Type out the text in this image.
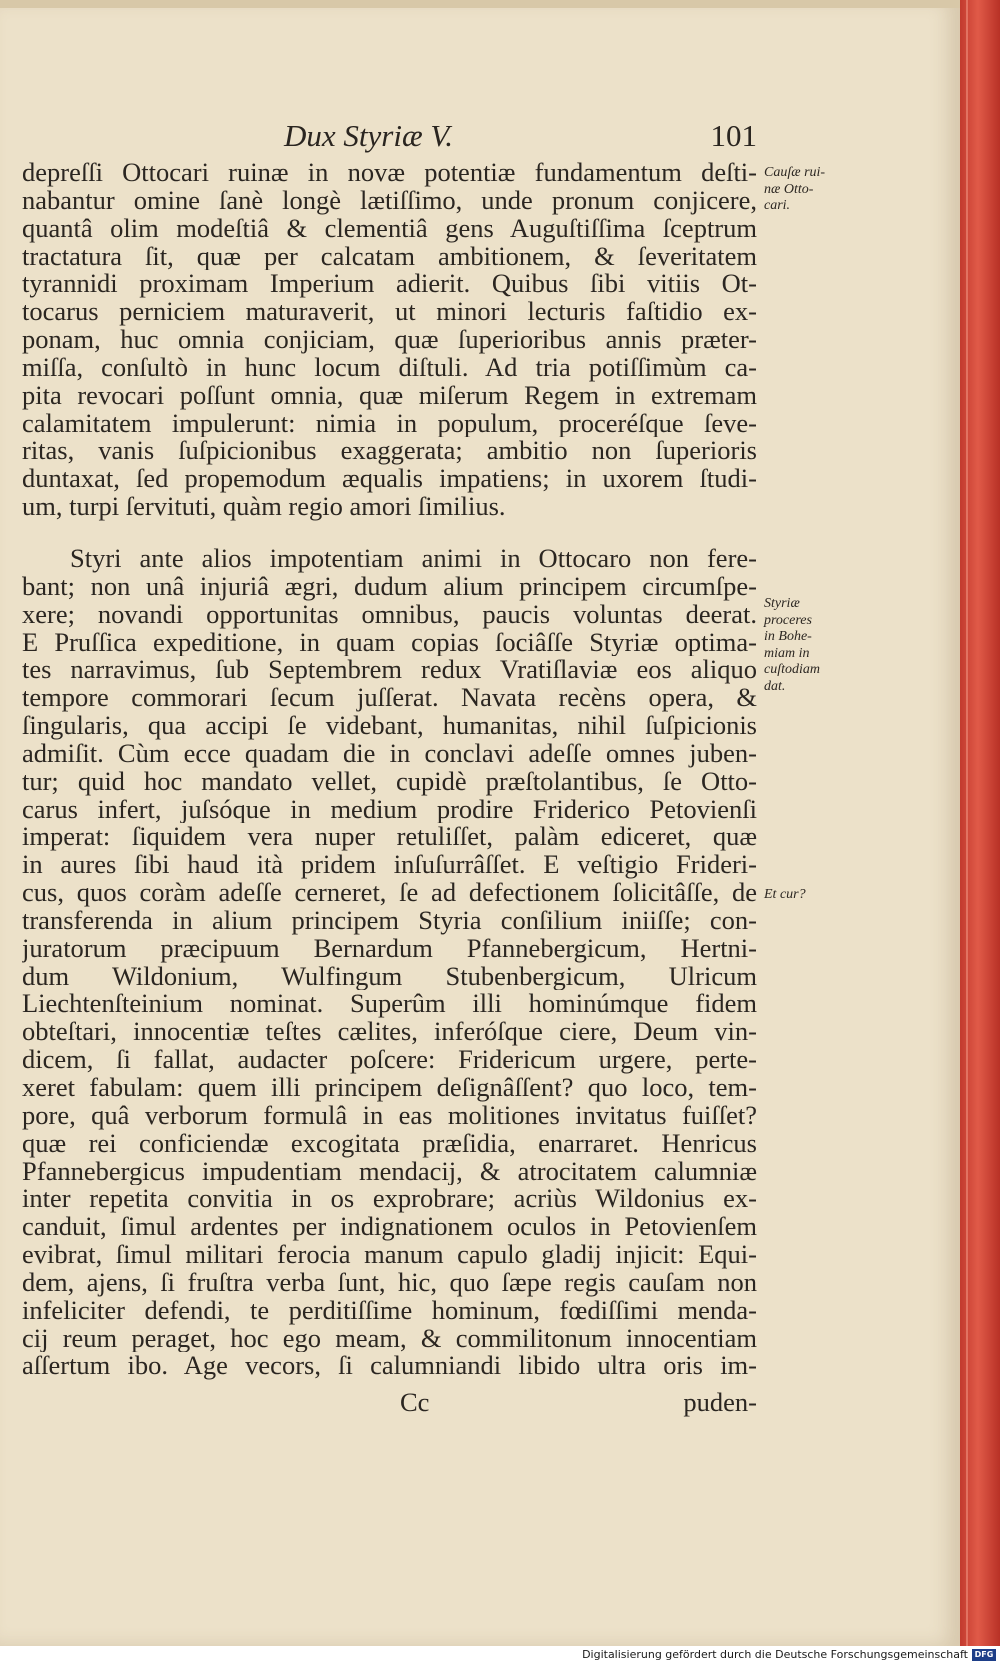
Dux Styriæ V.	101
depreſſi Ottocari ruinæ in novæ potentiæ fundamentum deſti-
nabantur omine ſanè longè lætiſſimo, unde pronum conjicere,
quantâ olim modeſtiâ & clementiâ gens Auguſtiſſima ſceptrum
tractatura ſit, quæ per calcatam ambitionem, & ſeveritatem
tyrannidi proximam Imperium adierit. Quibus ſibi vitiis Ot-
tocarus perniciem maturaverit, ut minori lecturis faſtidio ex-
ponam, huc omnia conjiciam, quæ ſuperioribus annis præter-
miſſa, conſultò in hunc locum diſtuli. Ad tria potiſſimùm ca-
pita revocari poſſunt omnia, quæ miſerum Regem in extremam
calamitatem impulerunt: nimia in populum, proceréſque ſeve-
ritas, vanis ſuſpicionibus exaggerata; ambitio non ſuperioris
duntaxat, ſed propemodum æqualis impatiens; in uxorem ſtudi-
um, turpi ſervituti, quàm regio amori ſimilius.
Styri ante alios impotentiam animi in Ottocaro non fere-
bant; non unâ injuriâ ægri, dudum alium principem circumſpe-
xere; novandi opportunitas omnibus, paucis voluntas deerat.
E Pruſſica expeditione, in quam copias ſociâſſe Styriæ optima-
tes narravimus, ſub Septembrem redux Vratiſlaviæ eos aliquo
tempore commorari ſecum juſſerat. Navata recèns opera, &
ſingularis, qua accipi ſe videbant, humanitas, nihil ſuſpicionis
admiſit. Cùm ecce quadam die in conclavi adeſſe omnes juben-
tur; quid hoc mandato vellet, cupidè præſtolantibus, ſe Otto-
carus infert, juſsóque in medium prodire Friderico Petovienſi
imperat: ſiquidem vera nuper retuliſſet, palàm ediceret, quæ
in aures ſibi haud ità pridem inſuſurrâſſet. E veſtigio Frideri-
cus, quos coràm adeſſe cerneret, ſe ad defectionem ſolicitâſſe, de
transferenda in alium principem Styria conſilium iniiſſe; con-
juratorum præcipuum Bernardum Pfannebergicum, Hertni-
dum Wildonium, Wulfingum Stubenbergicum, Ulricum
Liechtenſteinium nominat. Superûm illi hominúmque fidem
obteſtari, innocentiæ teſtes cælites, inferóſque ciere, Deum vin-
dicem, ſi fallat, audacter poſcere: Fridericum urgere, perte-
xeret fabulam: quem illi principem deſignâſſent? quo loco, tem-
pore, quâ verborum formulâ in eas molitiones invitatus fuiſſet?
quæ rei conficiendæ excogitata præſidia, enarraret. Henricus
Pfannebergicus impudentiam mendacij, & atrocitatem calumniæ
inter repetita convitia in os exprobrare; acriùs Wildonius ex-
canduit, ſimul ardentes per indignationem oculos in Petovienſem
evibrat, ſimul militari ferocia manum capulo gladij injicit: Equi-
dem, ajens, ſi fruſtra verba ſunt, hic, quo ſæpe regis cauſam non
infeliciter defendi, te perditiſſime hominum, fœdiſſimi menda-
cij reum peraget, hoc ego meam, & commilitonum innocentiam
aſſertum ibo. Age vecors, ſi calumniandi libido ultra oris im-
Cauſæ rui-
næ Otto-
cari.
Styriæ
proceres
in Bohe-
miam in
cuſtodiam
dat.
Et cur?
Cc	puden-
Digitalisierung gefördert durch die Deutsche Forschungsgemeinschaft DFG
